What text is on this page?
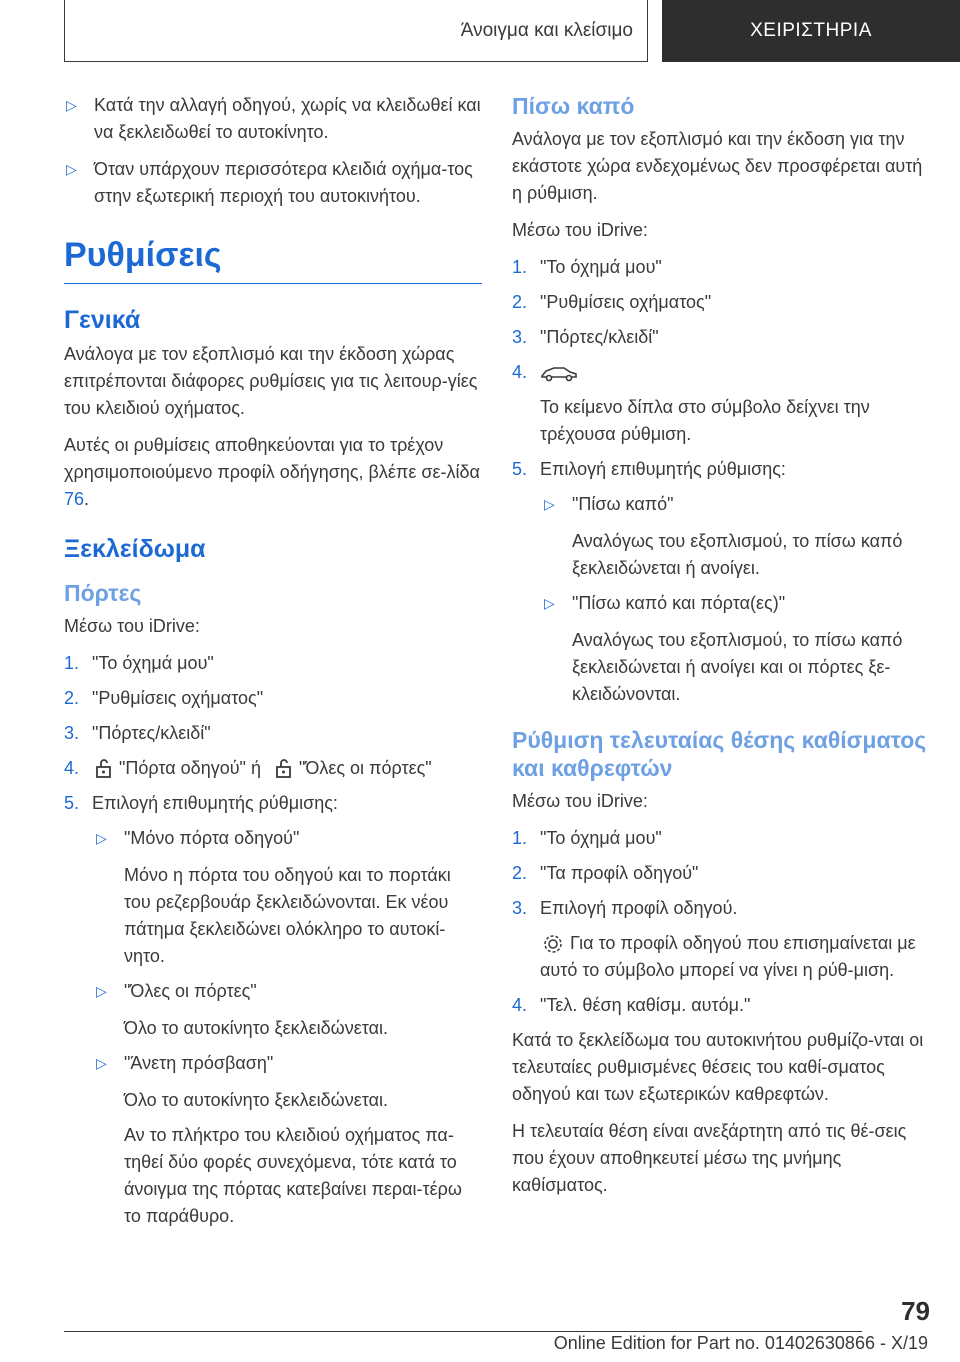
Άνοιγμα και κλείσιμο	ΧΕΙΡΙΣΤΗΡΙΑ
▷ Κατά την αλλαγή οδηγού, χωρίς να κλειδωθεί και να ξεκλειδωθεί το αυτοκίνητο.
▷ Όταν υπάρχουν περισσότερα κλειδιά οχήμα-τος στην εξωτερική περιοχή του αυτοκινήτου.
Ρυθμίσεις
Γενικά

Ανάλογα με τον εξοπλισμό και την έκδοση χώρας επιτρέπονται διάφορες ρυθμίσεις για τις λειτουρ-γίες του κλειδιού οχήματος.

Αυτές οι ρυθμίσεις αποθηκεύονται για το τρέχον χρησιμοποιούμενο προφίλ οδήγησης, βλέπε σε-λίδα 76.

Ξεκλείδωμα
Πόρτες

Μέσω του iDrive:

1. "Το όχημά μου"
2. "Ρυθμίσεις οχήματος"
3. "Πόρτες/κλειδί"
4. "Πόρτα οδηγού" ή "Όλες οι πόρτες"
5. Επιλογή επιθυμητής ρύθμισης:
▷ "Μόνο πόρτα οδηγού"

Μόνο η πόρτα του οδηγού και το πορτάκι του ρεζερβουάρ ξεκλειδώνονται. Εκ νέου πάτημα ξεκλειδώνει ολόκληρο το αυτοκί-νητο.

▷ "Όλες οι πόρτες"

Όλο το αυτοκίνητο ξεκλειδώνεται.

▷ "Άνετη πρόσβαση"

Όλο το αυτοκίνητο ξεκλειδώνεται.

Αν το πλήκτρο του κλειδιού οχήματος πα-τηθεί δύο φορές συνεχόμενα, τότε κατά το άνοιγμα της πόρτας κατεβαίνει περαι-τέρω το παράθυρο.

Πίσω καπό

Ανάλογα με τον εξοπλισμό και την έκδοση για την εκάστοτε χώρα ενδεχομένως δεν προσφέρεται αυτή η ρύθμιση.

Μέσω του iDrive:

1. "Το όχημά μου"
2. "Ρυθμίσεις οχήματος"
3. "Πόρτες/κλειδί"
4.

Το κείμενο δίπλα στο σύμβολο δείχνει την τρέχουσα ρύθμιση.

5. Επιλογή επιθυμητής ρύθμισης:
▷ "Πίσω καπό"

Αναλόγως του εξοπλισμού, το πίσω καπό ξεκλειδώνεται ή ανοίγει.

▷ "Πίσω καπό και πόρτα(ες)"

Αναλόγως του εξοπλισμού, το πίσω καπό ξεκλειδώνεται ή ανοίγει και οι πόρτες ξε-κλειδώνονται.

Ρύθμιση τελευταίας θέσης καθίσματος και καθρεφτών

Μέσω του iDrive:

1. "Το όχημά μου"
2. "Τα προφίλ οδηγού"
3. Επιλογή προφίλ οδηγού.

Για το προφίλ οδηγού που επισημαίνεται με αυτό το σύμβολο μπορεί να γίνει η ρύθ-μιση.

4. "Τελ. θέση καθίσμ. αυτόμ."

Κατά το ξεκλείδωμα του αυτοκινήτου ρυθμίζο-νται οι τελευταίες ρυθμισμένες θέσεις του καθί-σματος οδηγού και των εξωτερικών καθρεφτών.

Η τελευταία θέση είναι ανεξάρτητη από τις θέ-σεις που έχουν αποθηκευτεί μέσω της μνήμης καθίσματος.

79
Online Edition for Part no. 01402630866 - X/19
